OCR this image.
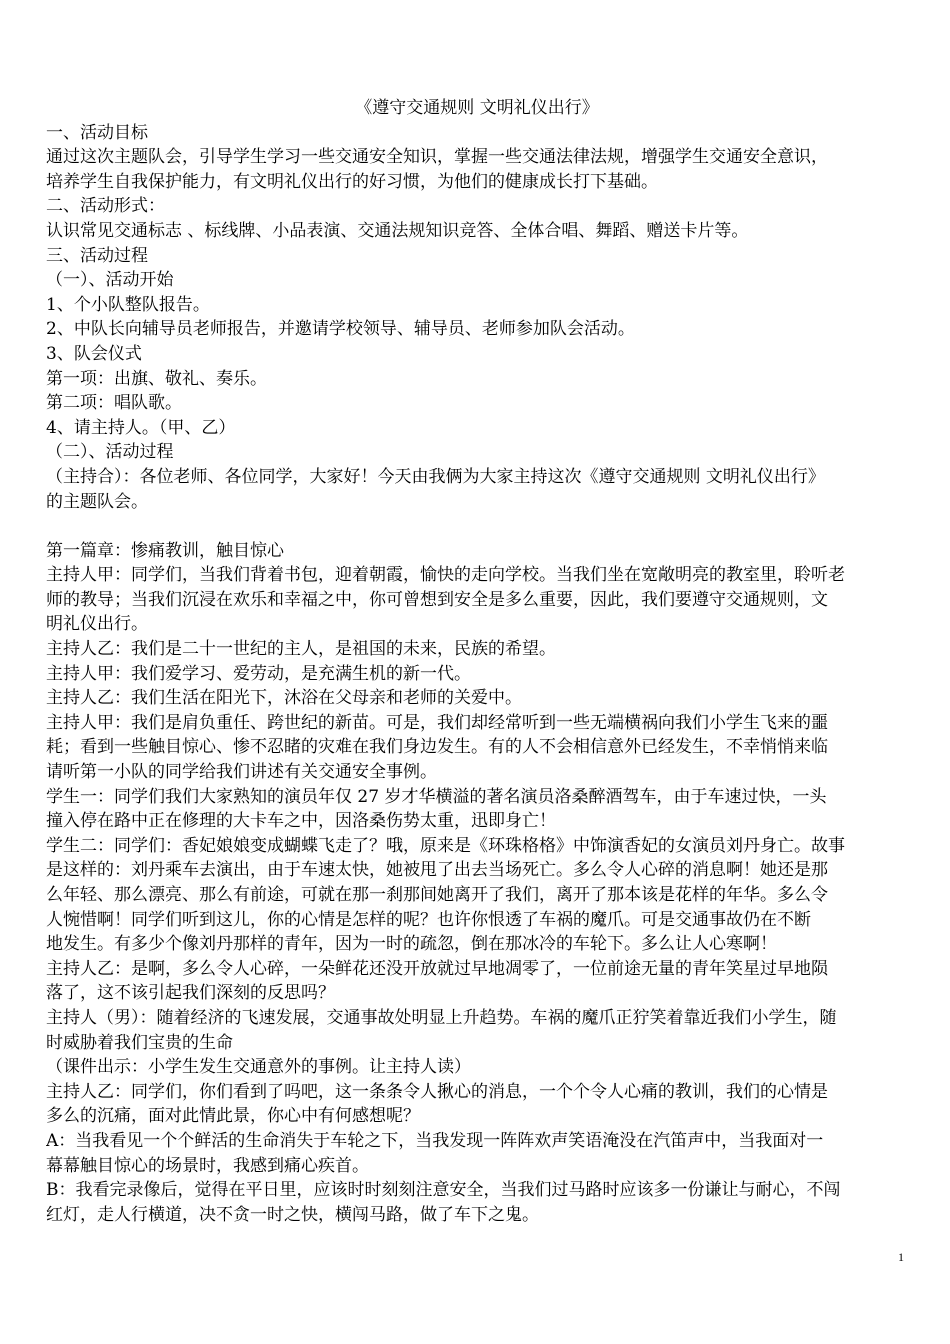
《遵守交通规则 文明礼仪出行》
一、活动目标
通过这次主题队会，引导学生学习一些交通安全知识，掌握一些交通法律法规，增强学生交通安全意识，
培养学生自我保护能力，有文明礼仪出行的好习惯，为他们的健康成长打下基础。
二、活动形式：
认识常见交通标志 、标线牌、小品表演、交通法规知识竞答、全体合唱、舞蹈、赠送卡片等。
三、活动过程
（一）、活动开始
1、个小队整队报告。
2、中队长向辅导员老师报告，并邀请学校领导、辅导员、老师参加队会活动。
3、队会仪式
第一项：出旗、敬礼、奏乐。
第二项：唱队歌。
4、请主持人。（甲、乙）
（二）、活动过程
（主持合）：各位老师、各位同学，大家好！今天由我俩为大家主持这次《遵守交通规则 文明礼仪出行》
的主题队会。
第一篇章：惨痛教训，触目惊心
主持人甲：同学们，当我们背着书包，迎着朝霞，愉快的走向学校。当我们坐在宽敞明亮的教室里，聆听老
师的教导；当我们沉浸在欢乐和幸福之中，你可曾想到安全是多么重要，因此，我们要遵守交通规则，文
明礼仪出行。
主持人乙：我们是二十一世纪的主人，是祖国的未来，民族的希望。
主持人甲：我们爱学习、爱劳动，是充满生机的新一代。
主持人乙：我们生活在阳光下，沐浴在父母亲和老师的关爱中。
主持人甲：我们是肩负重任、跨世纪的新苗。可是，我们却经常听到一些无端横祸向我们小学生飞来的噩
耗；看到一些触目惊心、惨不忍睹的灾难在我们身边发生。有的人不会相信意外已经发生，不幸悄悄来临
请听第一小队的同学给我们讲述有关交通安全事例。
学生一：同学们我们大家熟知的演员年仅 27 岁才华横溢的著名演员洛桑醉酒驾车，由于车速过快，一头
撞入停在路中正在修理的大卡车之中，因洛桑伤势太重，迅即身亡！
学生二：同学们：香妃娘娘变成蝴蝶飞走了？哦，原来是《环珠格格》中饰演香妃的女演员刘丹身亡。故事
是这样的：刘丹乘车去演出，由于车速太快，她被甩了出去当场死亡。多么令人心碎的消息啊！她还是那
么年轻、那么漂亮、那么有前途，可就在那一刹那间她离开了我们，离开了那本该是花样的年华。多么令
人惋惜啊！同学们听到这儿，你的心情是怎样的呢？也许你恨透了车祸的魔爪。可是交通事故仍在不断
地发生。有多少个像刘丹那样的青年，因为一时的疏忽，倒在那冰冷的车轮下。多么让人心寒啊！
主持人乙：是啊，多么令人心碎，一朵鲜花还没开放就过早地凋零了，一位前途无量的青年笑星过早地陨
落了，这不该引起我们深刻的反思吗？
主持人（男）：随着经济的飞速发展，交通事故处明显上升趋势。车祸的魔爪正狞笑着靠近我们小学生，随
时威胁着我们宝贵的生命
（课件出示：小学生发生交通意外的事例。让主持人读）
主持人乙：同学们，你们看到了吗吧，这一条条令人揪心的消息，一个个令人心痛的教训，我们的心情是
多么的沉痛，面对此情此景，你心中有何感想呢？
A：当我看见一个个鲜活的生命消失于车轮之下，当我发现一阵阵欢声笑语淹没在汽笛声中，当我面对一
幕幕触目惊心的场景时，我感到痛心疾首。
B：我看完录像后，觉得在平日里，应该时时刻刻注意安全，当我们过马路时应该多一份谦让与耐心，不闯
红灯，走人行横道，决不贪一时之快，横闯马路，做了车下之鬼。
1
